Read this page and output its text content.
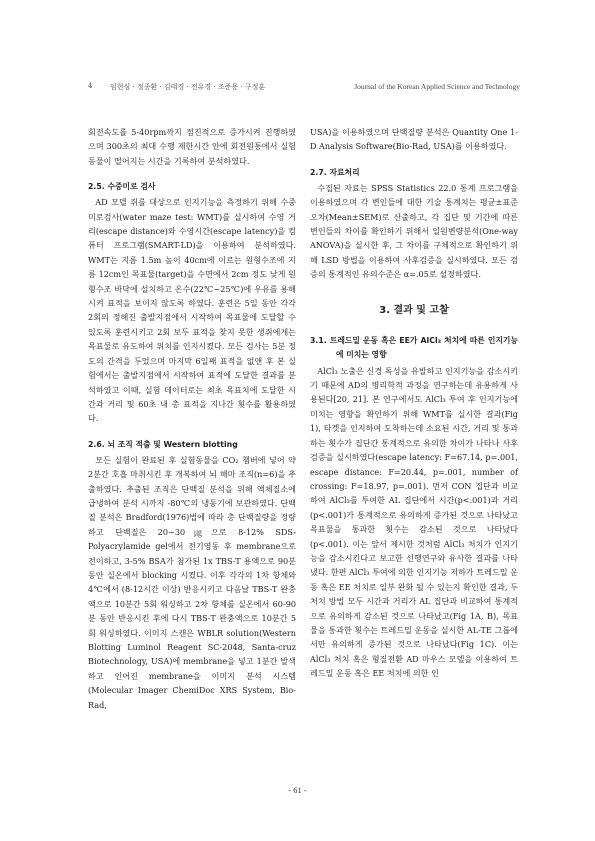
4	임현심 · 정종환 · 김태경 · 전유경 · 조준용 · 구정훈	Journal of the Korean Applied Science and Technology

회전속도를 5-40rpm까지 점진적으로 증가시켜 진행하였으며 300초의 최대 수행 제한시간 안에 회전원통에서 실험동물이 떨어지는 시간을 기록하여 분석하였다.

2.5. 수중미로 검사

AD 모델 쥐를 대상으로 인지기능을 측정하기 위해 수중미로검사(water maze test: WMT)를 실시하여 수영 거리(escape distance)와 수영시간(escape latency)을 컴퓨터 프로그램(SMART-LD)을 이용하여 분석하였다. WMT는 지름 1.5m 높이 40cm에 이르는 원형수조에 지름 12cm인 목표물(target)을 수면에서 2cm 정도 낮게 원형수조 바닥에 설치하고 온수(22℃~25℃)에 우유를 용해시켜 표적을 보이지 않도록 하였다. 훈련은 5일 동안 각각 2회의 정해진 출발지점에서 시작하여 목표물에 도달할 수 있도록 훈련시키고 2회 보두 표적을 찾지 못한 생쥐에게는 목표물로 유도하여 위치를 인지시켰다. 모든 검사는 5분 정도의 간격을 두었으며 마지막 6일째 표적을 없앤 후 본 실험에서는 출발지점에서 시작하여 표적에 도달한 결과를 분석하였고 이때, 실험 데이터로는 최초 목표치에 도달한 시간과 거리 및 60초 내 총 표적을 지나간 횟수를 활용하였다.

2.6. 뇌 조직 적출 및 Western blotting

모든 실험이 완료된 후 실험동물을 CO₂ 챔버에 넣어 약 2분간 호흡 마취시킨 후 개복하여 뇌 해마 조직(n=6)을 추출하였다. 추출된 조직은 단백질 분석을 위해 액체질소에 급냉하여 분석 시까지 -80℃의 냉동기에 보관하였다. 단백질 분석은 Bradford(1976)법에 따라 총 단백질량을 정량하고 단백질은 20~30㎍으로 8-12% SDS-Polyacrylamide gel에서 전기영동 후 membrane으로 전이하고, 3-5% BSA가 첨가된 1x TBS-T 용액으로 90분 동안 실온에서 blocking 시켰다. 이후 각각의 1차 항체와 4℃에서 (8-12시간 이상) 반응시키고 다음날 TBS-T 완충액으로 10분간 5회 워싱하고 2차 항체를 실온에서 60-90분 동안 반응시킨 후에 다시 TBS-T 완충액으로 10분간 5회 워싱하였다. 이미지 스캔은 WBLR solution(Western Blotting Luminol Reagent SC-2048, Santa-cruz Biotechnology, USA)에 membrane을 넣고 1분간 발색하고 인어진 membrane을 이미지 분석 시스템(Molecular Imager ChemiDoc XRS System, Bio-Rad,

USA)을 이용하였으며 단백질량 분석은 Quantity One 1-D Analysis Software(Bio-Rad, USA)를 이용하였다.

2.7. 자료처리

수집된 자료는 SPSS Statistics 22.0 통계 프로그램을 이용하였으며 각 변인들에 대한 기술 통계치는 평균±표준오차(Mean±SEM)로 산출하고, 각 집단 및 기간에 따른 변인들의 차이를 확인하기 위해서 일원변량분석(One-way ANOVA)을 실시한 후, 그 차이를 구체적으로 확인하기 위해 LSD 방법을 이용하여 사후검증을 실시하였다. 모든 검증의 통계적인 유의수준은 α=.05로 설정하였다.

3. 결과 및 고찰
3.1. 트레드밀 운동 혹은 EE가 AlCl₃ 처치에 따른 인지기능에 미치는 영향

AlCl₃ 노출은 신경 독성을 유발하고 인지기능을 감소시키기 때문에 AD의 병리학적 과정을 연구하는데 유용하게 사용된다[20, 21]. 본 연구에서도 AlCl₃ 투여 후 인지기능에 미치는 영향을 확인하기 위해 WMT를 실시한 결과(Fig 1), 타겟을 인지하여 도착하는데 소요된 시간, 거리 및 통과하는 횟수가 집단간 통계적으로 유의한 차이가 나타나 사후 검증을 실시하였다(escape latency: F=67.14, p=.001, escape distance: F=20.44, p=.001, number of crossing: F=18.97, p=.001). 먼저 CON 집단과 비교하여 AlCl₃를 투여한 AL 집단에서 시간(p<.001)과 거리(p<.001)가 통계적으로 유의하게 증가된 것으로 나타났고 목표물을 통과한 횟수는 감소된 것으로 나타났다(p<.001). 이는 앞서 제시한 것처럼 AlCl₃ 처치가 인지기능을 감소시킨다고 보고한 선행연구와 유사한 결과를 나타냈다. 한편 AlCl₃ 투여에 의한 인지기능 저하가 트레드밀 운동 혹은 EE 처치로 일부 완화 될 수 있는지 확인한 결과, 두 처치 방법 모두 시간과 거리가 AL 집단과 비교하여 통계적으로 유의하게 감소된 것으로 나타났고(Fig 1A, B), 목표물을 통과한 횟수는 트레드밀 운동을 실시한 AL-TE 그룹에서만 유의하게 증가된 것으로 나타났다(Fig 1C). 이는 AlCl₃ 처치 혹은 형질전환 AD 마우스 모델을 이용하여 트레드밀 운동 혹은 EE 처치에 의한 인

- 61 -
